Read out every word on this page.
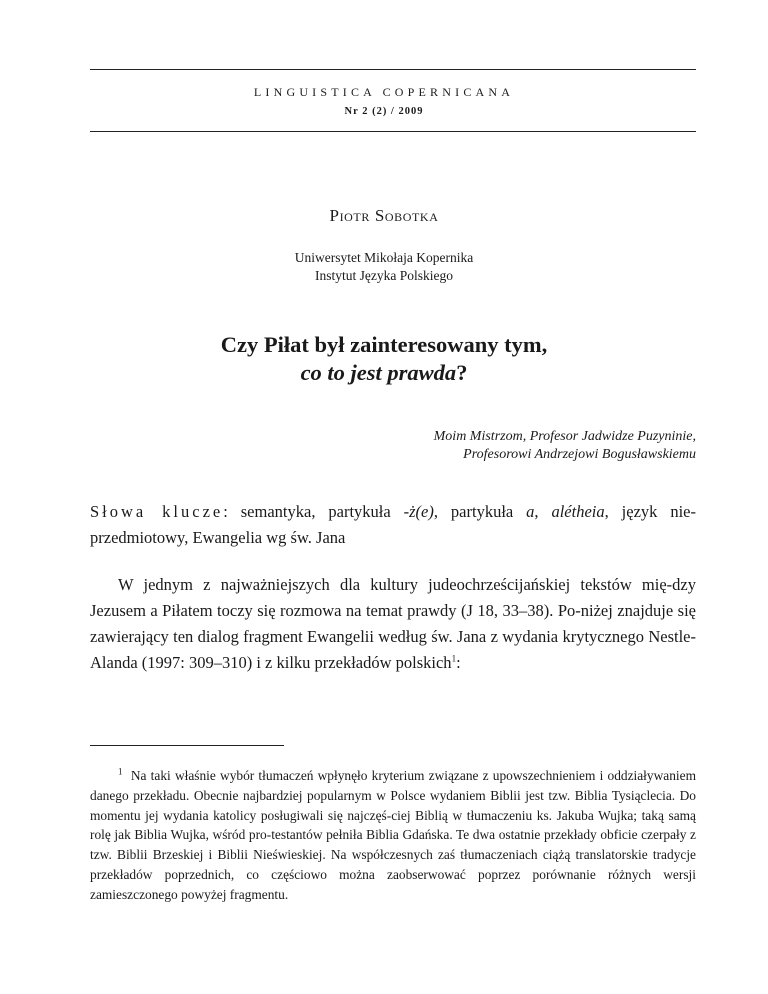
LINGUISTICA COPERNICANA
Nr 2 (2) / 2009
Piotr Sobotka
Uniwersytet Mikołaja Kopernika
Instytut Języka Polskiego
Czy Piłat był zainteresowany tym,
co to jest prawda?
Moim Mistrzom, Profesor Jadwidze Puzyninie,
Profesorowi Andrzejowi Bogusławskiemu
Słowa klucze: semantyka, partykuła -ż(e), partykuła a, alétheia, język nie-przedmiotowy, Ewangelia wg św. Jana
W jednym z najważniejszych dla kultury judeochrześcijańskiej tekstów mię-dzy Jezusem a Piłatem toczy się rozmowa na temat prawdy (J 18, 33–38). Po-niżej znajduje się zawierający ten dialog fragment Ewangelii według św. Jana z wydania krytycznego Nestle-Alanda (1997: 309–310) i z kilku przekładów polskich$^1$:
$^1$ Na taki właśnie wybór tłumaczeń wpłynęło kryterium związane z upowszechnieniem i oddziaływaniem danego przekładu. Obecnie najbardziej popularnym w Polsce wydaniem Biblii jest tzw. Biblia Tysiąclecia. Do momentu jej wydania katolicy posługiwali się najczęś-ciej Biblią w tłumaczeniu ks. Jakuba Wujka; taką samą rolę jak Biblia Wujka, wśród pro-testantów pełniła Biblia Gdańska. Te dwa ostatnie przekłady obficie czerpały z tzw. Biblii Brzeskiej i Biblii Nieświeskiej. Na współczesnych zaś tłumaczeniach ciążą translatorskie tradycje przekładów poprzednich, co częściowo można zaobserwować poprzez porównanie różnych wersji zamieszczonego powyżej fragmentu.
